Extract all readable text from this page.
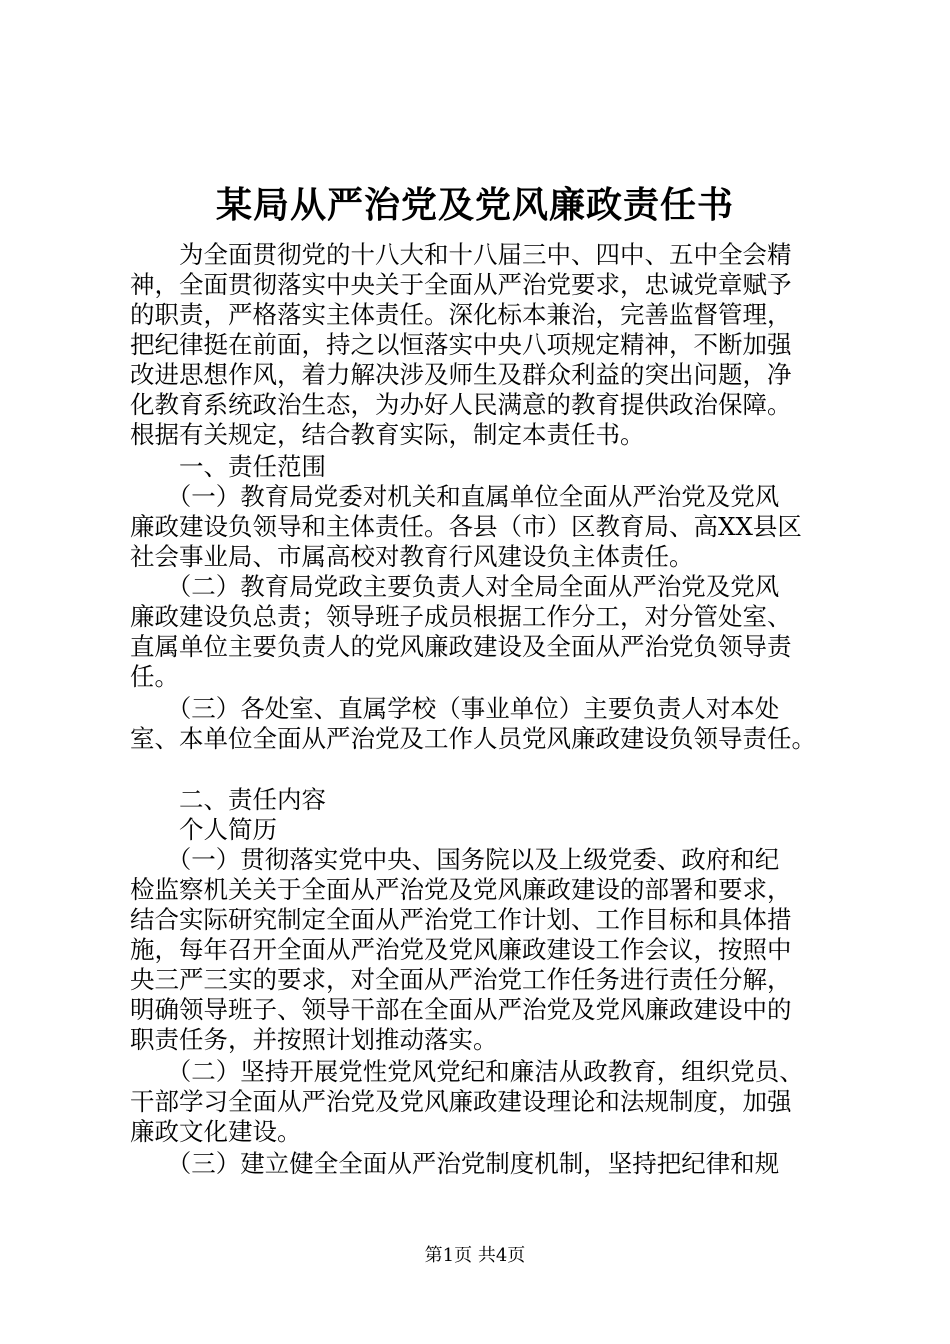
某局从严治党及党风廉政责任书
　　为全面贯彻党的十八大和十八届三中、四中、五中全会精
神，全面贯彻落实中央关于全面从严治党要求，忠诚党章赋予
的职责，严格落实主体责任。深化标本兼治，完善监督管理，
把纪律挺在前面，持之以恒落实中央八项规定精神，不断加强
改进思想作风，着力解决涉及师生及群众利益的突出问题，净
化教育系统政治生态，为办好人民满意的教育提供政治保障。
根据有关规定，结合教育实际，制定本责任书。
　　一、责任范围
　　（一）教育局党委对机关和直属单位全面从严治党及党风
廉政建设负领导和主体责任。各县（市）区教育局、高XX县区
社会事业局、市属高校对教育行风建设负主体责任。
　　（二）教育局党政主要负责人对全局全面从严治党及党风
廉政建设负总责；领导班子成员根据工作分工，对分管处室、
直属单位主要负责人的党风廉政建设及全面从严治党负领导责
任。
　　（三）各处室、直属学校（事业单位）主要负责人对本处
室、本单位全面从严治党及工作人员党风廉政建设负领导责任。
　　二、责任内容
　　个人简历
　　（一）贯彻落实党中央、国务院以及上级党委、政府和纪
检监察机关关于全面从严治党及党风廉政建设的部署和要求，
结合实际研究制定全面从严治党工作计划、工作目标和具体措
施，每年召开全面从严治党及党风廉政建设工作会议，按照中
央三严三实的要求，对全面从严治党工作任务进行责任分解，
明确领导班子、领导干部在全面从严治党及党风廉政建设中的
职责任务，并按照计划推动落实。
　　（二）坚持开展党性党风党纪和廉洁从政教育，组织党员、
干部学习全面从严治党及党风廉政建设理论和法规制度，加强
廉政文化建设。
　　（三）建立健全全面从严治党制度机制，坚持把纪律和规
第1页 共4页
